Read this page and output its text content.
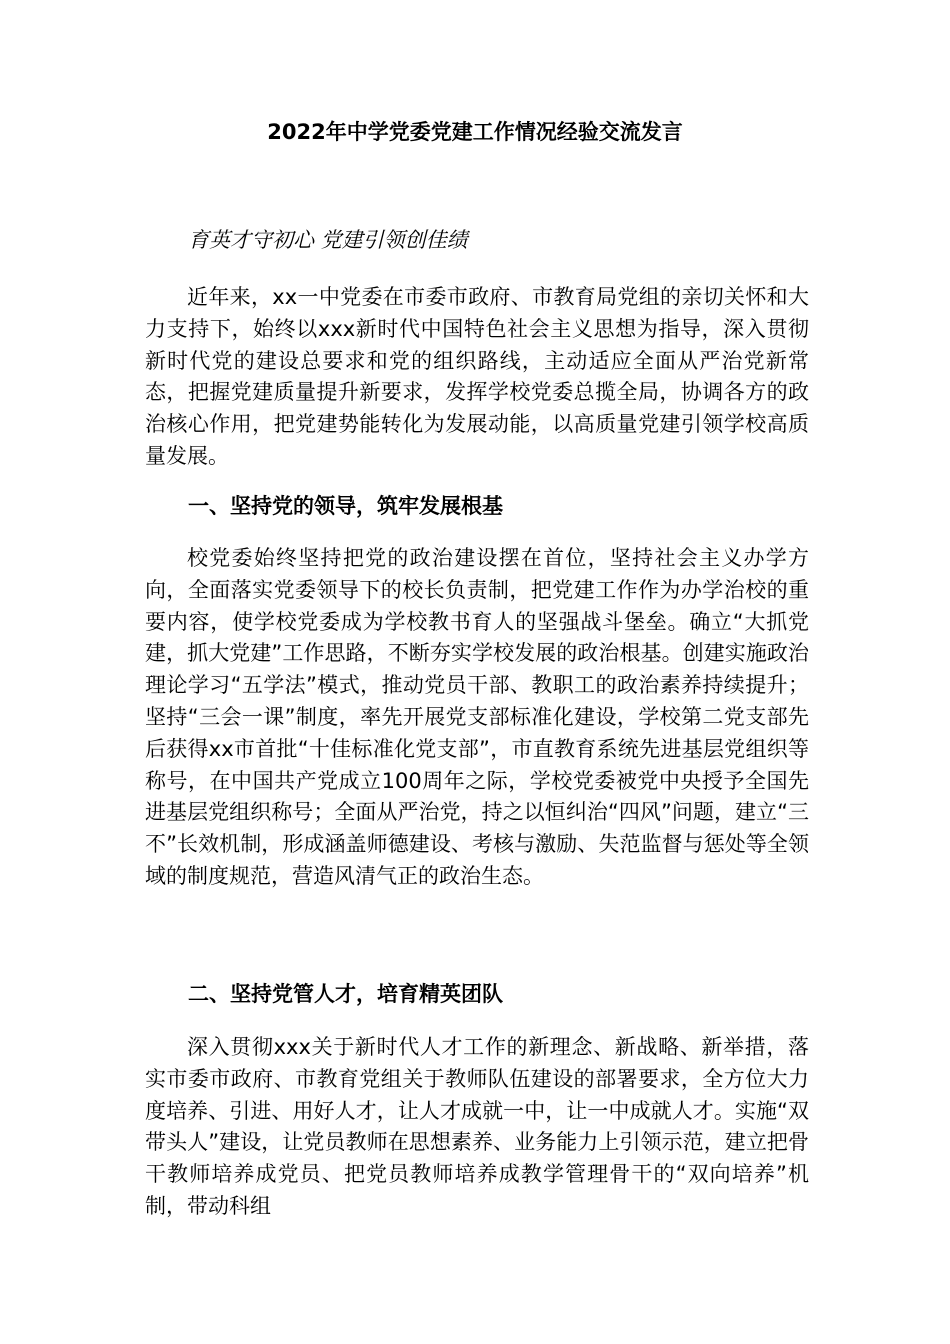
2022年中学党委党建工作情况经验交流发言

育英才守初心 党建引领创佳绩

近年来，xx一中党委在市委市政府、市教育局党组的亲切关怀和大力支持下，始终以xxx新时代中国特色社会主义思想为指导，深入贯彻新时代党的建设总要求和党的组织路线，主动适应全面从严治党新常态，把握党建质量提升新要求，发挥学校党委总揽全局，协调各方的政治核心作用，把党建势能转化为发展动能，以高质量党建引领学校高质量发展。

一、坚持党的领导，筑牢发展根基

校党委始终坚持把党的政治建设摆在首位，坚持社会主义办学方向，全面落实党委领导下的校长负责制，把党建工作作为办学治校的重要内容，使学校党委成为学校教书育人的坚强战斗堡垒。确立“大抓党建，抓大党建”工作思路，不断夯实学校发展的政治根基。创建实施政治理论学习“五学法”模式，推动党员干部、教职工的政治素养持续提升；坚持“三会一课”制度，率先开展党支部标准化建设，学校第二党支部先后获得xx市首批“十佳标准化党支部”，市直教育系统先进基层党组织等称号，在中国共产党成立100周年之际，学校党委被党中央授予全国先进基层党组织称号；全面从严治党，持之以恒纠治“四风”问题，建立“三不”长效机制，形成涵盖师德建设、考核与激励、失范监督与惩处等全领域的制度规范，营造风清气正的政治生态。

二、坚持党管人才，培育精英团队

深入贯彻xxx关于新时代人才工作的新理念、新战略、新举措，落实市委市政府、市教育党组关于教师队伍建设的部署要求，全方位大力度培养、引进、用好人才，让人才成就一中，让一中成就人才。实施“双带头人”建设，让党员教师在思想素养、业务能力上引领示范，建立把骨干教师培养成党员、把党员教师培养成教学管理骨干的“双向培养”机制，带动科组
